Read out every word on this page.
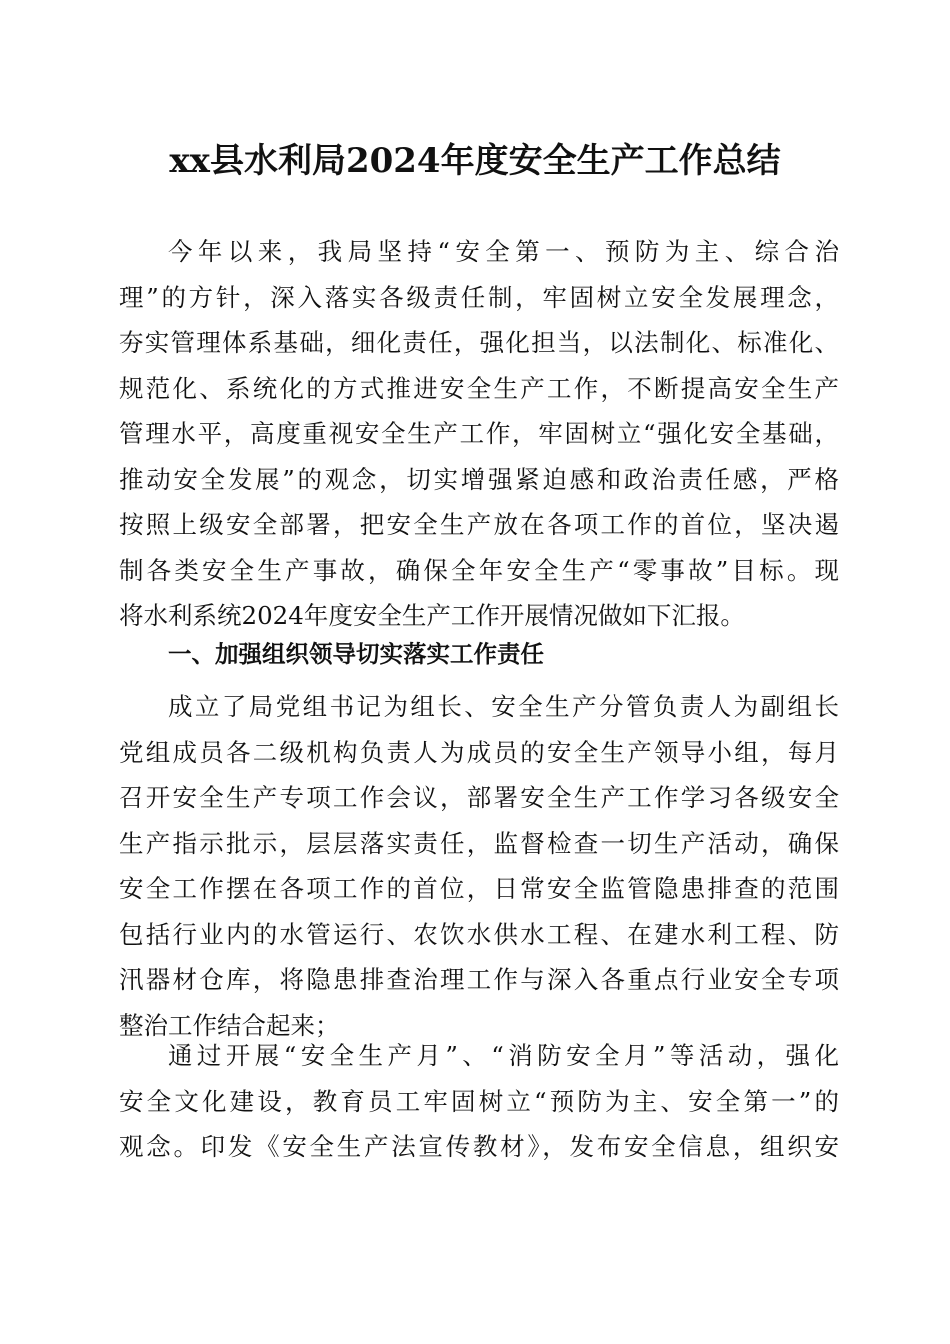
xx县水利局2024年度安全生产工作总结
今年以来，我局坚持“安全第一、预防为主、综合治
理”的方针，深入落实各级责任制，牢固树立安全发展理念，
夯实管理体系基础，细化责任，强化担当，以法制化、标准化、
规范化、系统化的方式推进安全生产工作，不断提高安全生产
管理水平，高度重视安全生产工作，牢固树立“强化安全基础，
推动安全发展”的观念，切实增强紧迫感和政治责任感，严格
按照上级安全部署，把安全生产放在各项工作的首位，坚决遏
制各类安全生产事故，确保全年安全生产“零事故”目标。现
将水利系统2024年度安全生产工作开展情况做如下汇报。
一、加强组织领导切实落实工作责任
成立了局党组书记为组长、安全生产分管负责人为副组长
党组成员各二级机构负责人为成员的安全生产领导小组，每月
召开安全生产专项工作会议，部署安全生产工作学习各级安全
生产指示批示，层层落实责任，监督检查一切生产活动，确保
安全工作摆在各项工作的首位，日常安全监管隐患排查的范围
包括行业内的水管运行、农饮水供水工程、在建水利工程、防
汛器材仓库，将隐患排查治理工作与深入各重点行业安全专项
整治工作结合起来；
通过开展“安全生产月”、“消防安全月”等活动，强化
安全文化建设，教育员工牢固树立“预防为主、安全第一”的
观念。印发《安全生产法宣传教材》，发布安全信息，组织安
